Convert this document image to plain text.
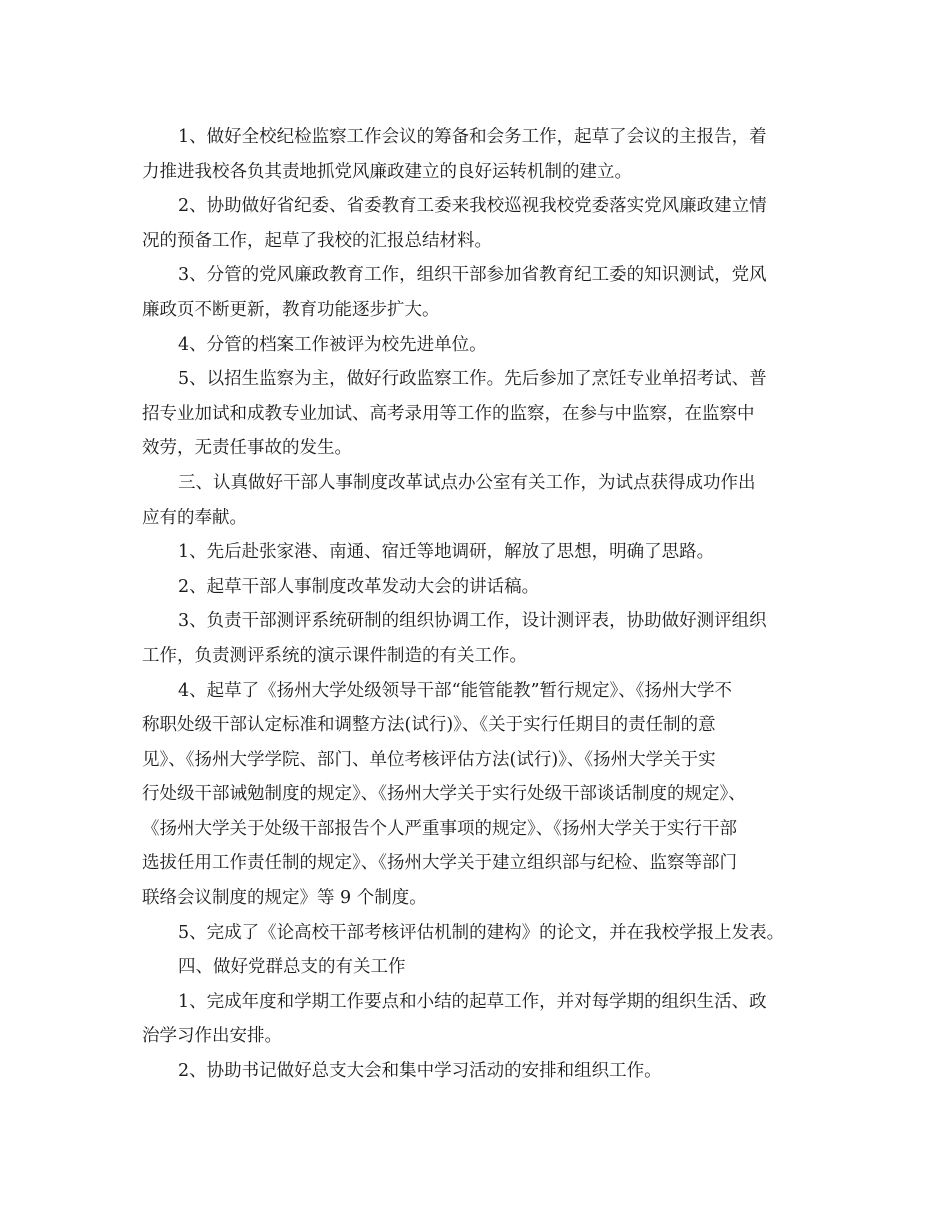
1、做好全校纪检监察工作会议的筹备和会务工作，起草了会议的主报告，着
力推进我校各负其责地抓党风廉政建立的良好运转机制的建立。
2、协助做好省纪委、省委教育工委来我校巡视我校党委落实党风廉政建立情
况的预备工作，起草了我校的汇报总结材料。
3、分管的党风廉政教育工作，组织干部参加省教育纪工委的知识测试，党风
廉政页不断更新，教育功能逐步扩大。
4、分管的档案工作被评为校先进单位。
5、以招生监察为主，做好行政监察工作。先后参加了烹饪专业单招考试、普
招专业加试和成教专业加试、高考录用等工作的监察，在参与中监察，在监察中
效劳，无责任事故的发生。
三、认真做好干部人事制度改革试点办公室有关工作，为试点获得成功作出
应有的奉献。
1、先后赴张家港、南通、宿迁等地调研，解放了思想，明确了思路。
2、起草干部人事制度改革发动大会的讲话稿。
3、负责干部测评系统研制的组织协调工作，设计测评表，协助做好测评组织
工作，负责测评系统的演示课件制造的有关工作。
4、起草了《扬州大学处级领导干部“能管能教”暂行规定》、《扬州大学不
称职处级干部认定标准和调整方法(试行)》、《关于实行任期目的责任制的意
见》、《扬州大学学院、部门、单位考核评估方法(试行)》、《扬州大学关于实
行处级干部诫勉制度的规定》、《扬州大学关于实行处级干部谈话制度的规定》、
《扬州大学关于处级干部报告个人严重事项的规定》、《扬州大学关于实行干部
选拔任用工作责任制的规定》、《扬州大学关于建立组织部与纪检、监察等部门
联络会议制度的规定》等 9 个制度。
5、完成了《论高校干部考核评估机制的建构》的论文，并在我校学报上发表。
四、做好党群总支的有关工作
1、完成年度和学期工作要点和小结的起草工作，并对每学期的组织生活、政
治学习作出安排。
2、协助书记做好总支大会和集中学习活动的安排和组织工作。
